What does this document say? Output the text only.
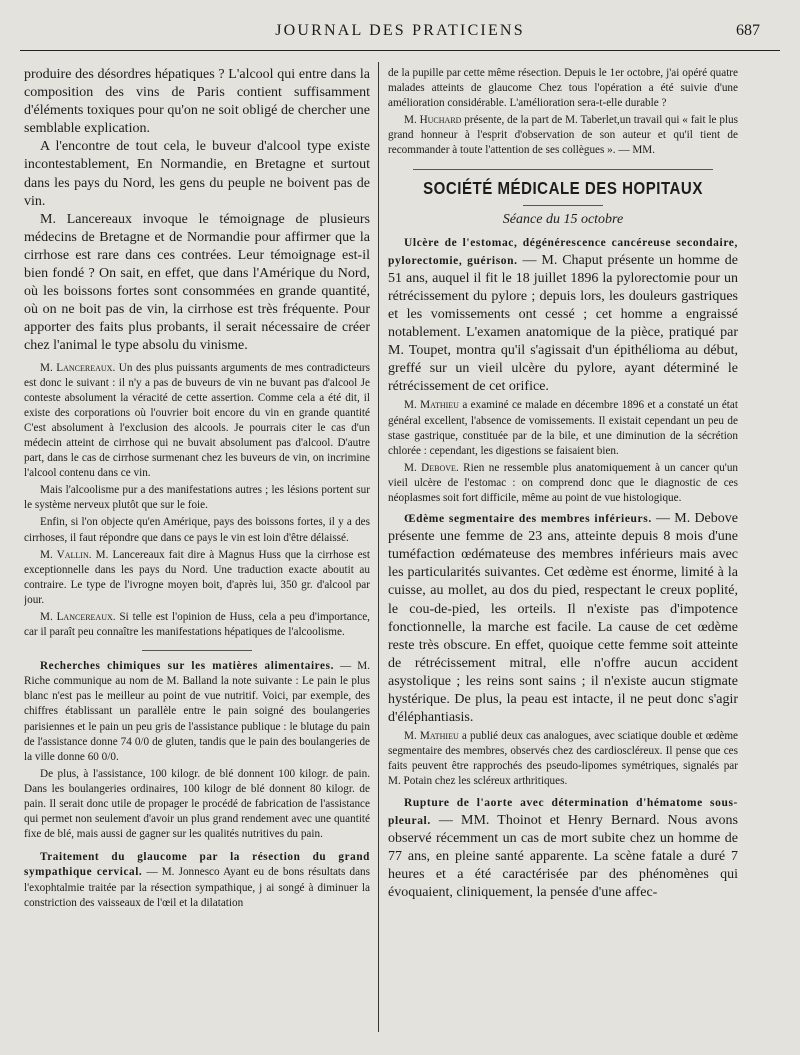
JOURNAL DES PRATICIENS	687

produire des désordres hépatiques ? L'alcool qui entre dans la composition des vins de Paris contient suffisamment d'éléments toxiques pour qu'on ne soit obligé de chercher une semblable explication.

A l'encontre de tout cela, le buveur d'alcool type existe incontestablement, En Normandie, en Bretagne et surtout dans les pays du Nord, les gens du peuple ne boivent pas de vin.

M. Lancereaux invoque le témoignage de plusieurs médecins de Bretagne et de Normandie pour affirmer que la cirrhose est rare dans ces contrées. Leur témoignage est-il bien fondé ? On sait, en effet, que dans l'Amérique du Nord, où les boissons fortes sont consommées en grande quantité, où on ne boit pas de vin, la cirrhose est très fréquente. Pour apporter des faits plus probants, il serait nécessaire de créer chez l'animal le type absolu du vinisme.

M. Lancereaux. Un des plus puissants arguments de mes contradicteurs est donc le suivant : il n'y a pas de buveurs de vin ne buvant pas d'alcool Je conteste absolument la véracité de cette assertion. Comme cela a été dit, il existe des corporations où l'ouvrier boit encore du vin en grande quantité C'est absolument à l'exclusion des alcools. Je pourrais citer le cas d'un médecin atteint de cirrhose qui ne buvait absolument pas d'alcool. D'autre part, dans le cas de cirrhose surmenant chez les buveurs de vin, on incrimine l'alcool contenu dans ce vin.

Mais l'alcoolisme pur a des manifestations autres ; les lésions portent sur le système nerveux plutôt que sur le foie.

Enfin, si l'on objecte qu'en Amérique, pays des boissons fortes, il y a des cirrhoses, il faut répondre que dans ce pays le vin est loin d'être délaissé.

M. Vallin. M. Lancereaux fait dire à Magnus Huss que la cirrhose est exceptionnelle dans les pays du Nord. Une traduction exacte aboutit au contraire. Le type de l'ivrogne moyen boit, d'après lui, 350 gr. d'alcool par jour.

M. Lancereaux. Si telle est l'opinion de Huss, cela a peu d'importance, car il paraît peu connaître les manifestations hépatiques de l'alcoolisme.

Recherches chimiques sur les matières alimentaires. — M. Riche communique au nom de M. Balland la note suivante : Le pain le plus blanc n'est pas le meilleur au point de vue nutritif. Voici, par exemple, des chiffres établissant un parallèle entre le pain soigné des boulangeries parisiennes et le pain un peu gris de l'assistance publique : le blutage du pain de l'assistance donne 74 0/0 de gluten, tandis que le pain des boulangeries de la ville donne 60 0/0.

De plus, à l'assistance, 100 kilogr. de blé donnent 100 kilogr. de pain. Dans les boulangeries ordinaires, 100 kilogr de blé donnent 80 kilogr. de pain. Il serait donc utile de propager le procédé de fabrication de l'assistance qui permet non seulement d'avoir un plus grand rendement avec une quantité fixe de blé, mais aussi de gagner sur les qualités nutritives du pain.

Traitement du glaucome par la résection du grand sympathique cervical. — M. Jonnesco Ayant eu de bons résultats dans l'exophtalmie traitée par la résection sympathique, j ai songé à diminuer la constriction des vaisseaux de l'œil et la dilatation

de la pupille par cette même résection. Depuis le 1er octobre, j'ai opéré quatre malades atteints de glaucome Chez tous l'opération a été suivie d'une amélioration considérable. L'amélioration sera-t-elle durable ?

M. Huchard présente, de la part de M. Taberlet,un travail qui « fait le plus grand honneur à l'esprit d'observation de son auteur et qu'il tient de recommander à toute l'attention de ses collègues ». — MM.

SOCIÉTÉ MÉDICALE DES HOPITAUX
Séance du 15 octobre

Ulcère de l'estomac, dégénérescence cancéreuse secondaire, pylorectomie, guérison. — M. Chaput présente un homme de 51 ans, auquel il fit le 18 juillet 1896 la pylorectomie pour un rétrécissement du pylore ; depuis lors, les douleurs gastriques et les vomissements ont cessé ; cet homme a engraissé notablement. L'examen anatomique de la pièce, pratiqué par M. Toupet, montra qu'il s'agissait d'un épithélioma au début, greffé sur un vieil ulcère du pylore, ayant déterminé le rétrécissement de cet orifice.

M. Mathieu a examiné ce malade en décembre 1896 et a constaté un état général excellent, l'absence de vomissements. Il existait cependant un peu de stase gastrique, constituée par de la bile, et une diminution de la sécrétion chlorée : cependant, les digestions se faisaient bien.

M. Debove. Rien ne ressemble plus anatomiquement à un cancer qu'un vieil ulcère de l'estomac : on comprend donc que le diagnostic de ces néoplasmes soit fort difficile, même au point de vue histologique.

Œdème segmentaire des membres inférieurs. — M. Debove présente une femme de 23 ans, atteinte depuis 8 mois d'une tuméfaction œdémateuse des membres inférieurs mais avec les particularités suivantes. Cet œdème est énorme, limité à la cuisse, au mollet, au dos du pied, respectant le creux poplité, le cou-de-pied, les orteils. Il n'existe pas d'impotence fonctionnelle, la marche est facile. La cause de cet œdème reste très obscure. En effet, quoique cette femme soit atteinte de rétrécissement mitral, elle n'offre aucun accident asystolique ; les reins sont sains ; il n'existe aucun stigmate hystérique. De plus, la peau est intacte, il ne peut donc s'agir d'éléphantiasis.

M. Mathieu a publié deux cas analogues, avec sciatique double et œdème segmentaire des membres, observés chez des cardioscléreux. Il pense que ces faits peuvent être rapprochés des pseudo-lipomes symétriques, signalés par M. Potain chez les scléreux arthritiques.

Rupture de l'aorte avec détermination d'hématome sous-pleural. — MM. Thoinot et Henry Bernard. Nous avons observé récemment un cas de mort subite chez un homme de 77 ans, en pleine santé apparente. La scène fatale a duré 7 heures et a été caractérisée par des phénomènes qui évoquaient, cliniquement, la pensée d'une affec-
